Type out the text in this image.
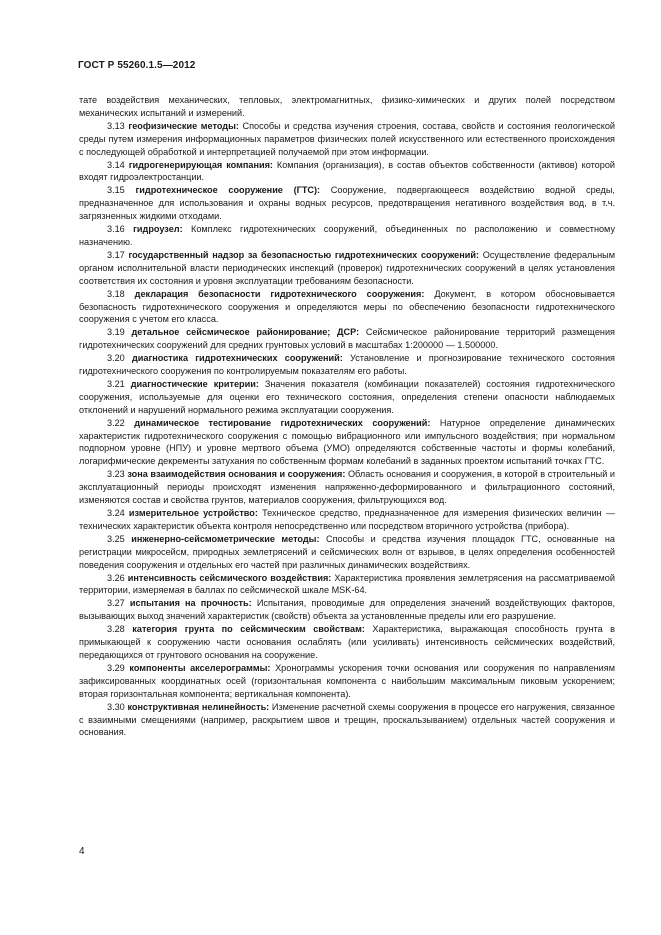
ГОСТ Р 55260.1.5—2012

тате воздействия механических, тепловых, электромагнитных, физико-химических и других полей посредством механических испытаний и измерений.

3.13 геофизические методы: Способы и средства изучения строения, состава, свойств и состояния геологической среды путем измерения информационных параметров физических полей искусственного или естественного происхождения с последующей обработкой и интерпретацией получаемой при этом информации.

3.14 гидрогенерирующая компания: Компания (организация), в состав объектов собственности (активов) которой входят гидроэлектростанции.

3.15 гидротехническое сооружение (ГТС): Сооружение, подвергающееся воздействию водной среды, предназначенное для использования и охраны водных ресурсов, предотвращения негативного воздействия вод, в т.ч. загрязненных жидкими отходами.

3.16 гидроузел: Комплекс гидротехнических сооружений, объединенных по расположению и совместному назначению.

3.17 государственный надзор за безопасностью гидротехнических сооружений: Осуществление федеральным органом исполнительной власти периодических инспекций (проверок) гидротехнических сооружений в целях установления соответствия их состояния и уровня эксплуатации требованиям безопасности.

3.18 декларация безопасности гидротехнического сооружения: Документ, в котором обосновывается безопасность гидротехнического сооружения и определяются меры по обеспечению безопасности гидротехнического сооружения с учетом его класса.

3.19 детальное сейсмическое районирование; ДСР: Сейсмическое районирование территорий размещения гидротехнических сооружений для средних грунтовых условий в масштабах 1:200000 — 1.500000.

3.20 диагностика гидротехнических сооружений: Установление и прогнозирование технического состояния гидротехнического сооружения по контролируемым показателям его работы.

3.21 диагностические критерии: Значения показателя (комбинации показателей) состояния гидротехнического сооружения, используемые для оценки его технического состояния, определения степени опасности наблюдаемых отклонений и нарушений нормального режима эксплуатации сооружения.

3.22 динамическое тестирование гидротехнических сооружений: Натурное определение динамических характеристик гидротехнического сооружения с помощью вибрационного или импульсного воздействия; при нормальном подпорном уровне (НПУ) и уровне мертвого объема (УМО) определяются собственные частоты и формы колебаний, логарифмические декременты затухания по собственным формам колебаний в заданных проектом испытаний точках ГТС.

3.23 зона взаимодействия основания и сооружения: Область основания и сооружения, в которой в строительный и эксплуатационный периоды происходят изменения напряженно-деформированного и фильтрационного состояний, изменяются состав и свойства грунтов, материалов сооружения, фильтрующихся вод.

3.24 измерительное устройство: Техническое средство, предназначенное для измерения физических величин — технических характеристик объекта контроля непосредственно или посредством вторичного устройства (прибора).

3.25 инженерно-сейсмометрические методы: Способы и средства изучения площадок ГТС, основанные на регистрации микросейсм, природных землетрясений и сейсмических волн от взрывов, в целях определения особенностей поведения сооружения и отдельных его частей при различных динамических воздействиях.

3.26 интенсивность сейсмического воздействия: Характеристика проявления землетрясения на рассматриваемой территории, измеряемая в баллах по сейсмической шкале MSK-64.

3.27 испытания на прочность: Испытания, проводимые для определения значений воздействующих факторов, вызывающих выход значений характеристик (свойств) объекта за установленные пределы или его разрушение.

3.28 категория грунта по сейсмическим свойствам: Характеристика, выражающая способность грунта в примыкающей к сооружению части основания ослаблять (или усиливать) интенсивность сейсмических воздействий, передающихся от грунтового основания на сооружение.

3.29 компоненты акселерограммы: Хронограммы ускорения точки основания или сооружения по направлениям зафиксированных координатных осей (горизонтальная компонента с наибольшим максимальным пиковым ускорением; вторая горизонтальная компонента; вертикальная компонента).

3.30 конструктивная нелинейность: Изменение расчетной схемы сооружения в процессе его нагружения, связанное с взаимными смещениями (например, раскрытием швов и трещин, проскальзыванием) отдельных частей сооружения и основания.

4
